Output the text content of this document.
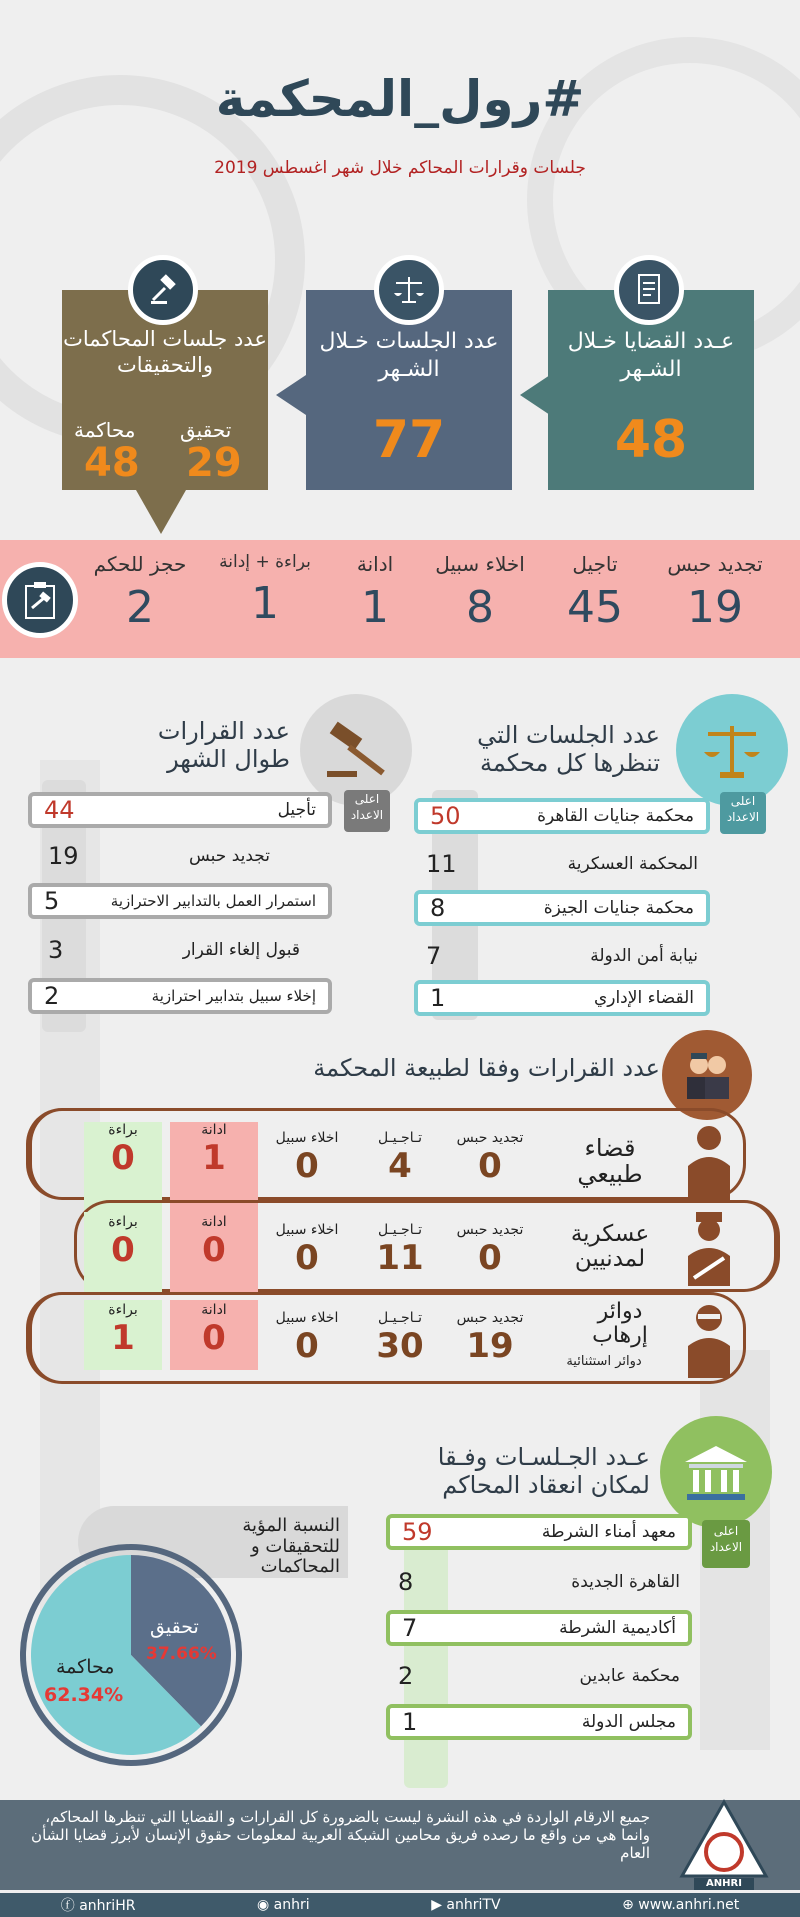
#رول_المحكمة
جلسات وقرارات المحاكم خلال شهر اغسطس 2019
عـدد القضايا خـلال الشـهر
48
عدد الجلسات خـلال الشـهر
77
عدد جلسات المحاكمات والتحقيقات
تحقيق
محاكمة
29
48
تجديد حبس
19
تاجيل
45
اخلاء سبيل
8
ادانة
1
براءة + إدانة
1
حجز للحكم
2
عدد القرارات طوال الشهر
اعلى الاعداد
تأجيل
44
تجديد حبس
19
استمرار العمل بالتدابير الاحترازية
5
قبول إلغاء القرار
3
إخلاء سبيل بتدابير احترازية
2
عدد الجلسات التي تنظرها كل محكمة
اعلى الاعداد
محكمة جنايات القاهرة
50
المحكمة العسكرية
11
محكمة جنايات الجيزة
8
نيابة أمن الدولة
7
القضاء الإداري
1
عدد القرارات وفقا لطبيعة المحكمة
قضاء طبيعي
تجديد حبس
0
تـاجـيـل
4
اخلاء سبيل
0
ادانة
1
براءة
0
عسكرية لمدنيين
تجديد حبس
0
تـاجـيـل
11
اخلاء سبيل
0
ادانة
0
براءة
0
دوائر إرهاب
دوائر استثنائية
تجديد حبس
19
تـاجـيـل
30
اخلاء سبيل
0
ادانة
0
براءة
1
عـدد الجـلسـات وفـقا لمكان انعقاد المحاكم
اعلى الاعداد
معهد أمناء الشرطة
59
القاهرة الجديدة
8
أكاديمية الشرطة
7
محكمة عابدين
2
مجلس الدولة
1
النسبة المؤية للتحقيقات و المحاكمات
تحقيق
37.66%
محاكمة
62.34%
جميع الارقام الواردة في هذه النشرة ليست بالضرورة كل القرارات و القضايا التي تنظرها المحاكم، وانما هي من واقع ما رصده فريق محامين الشبكة العربية لمعلومات حقوق الإنسان لأبرز قضايا الشأن العام
ANHRI
ⓕ anhriHR	◉ anhri	▶ anhriTV	⊕ www.anhri.net
